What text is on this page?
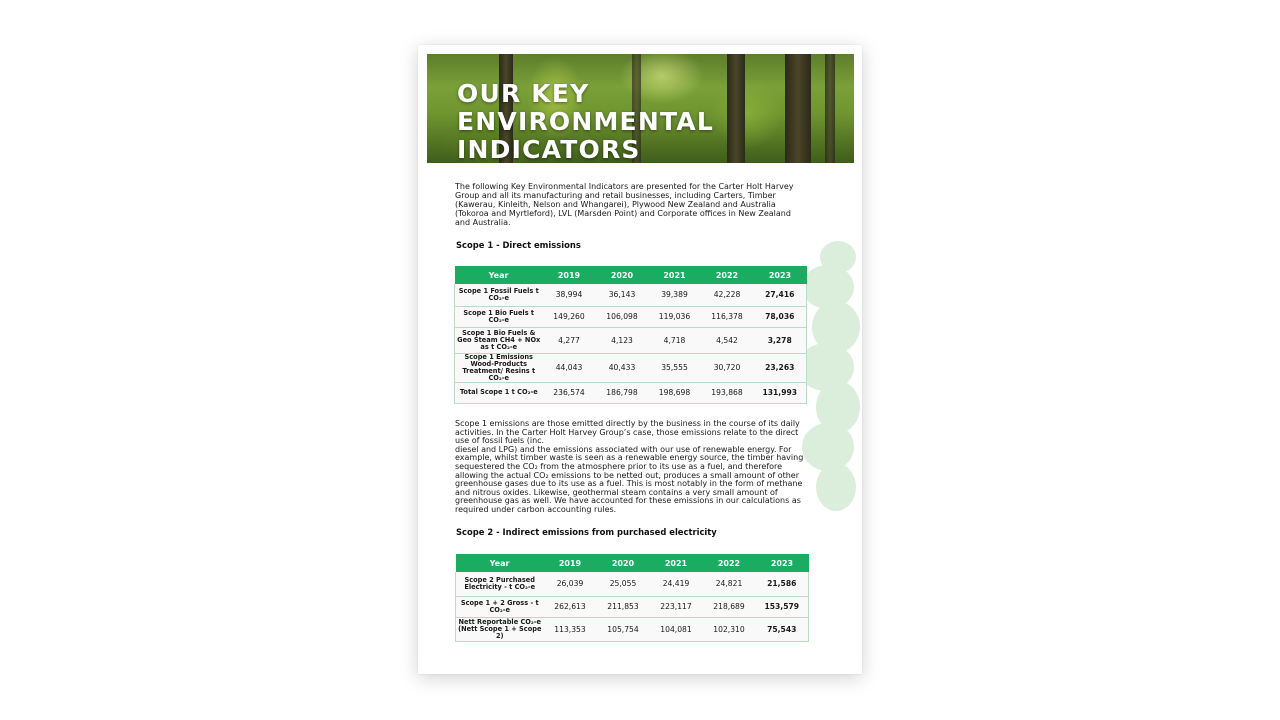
OUR KEY
ENVIRONMENTAL
INDICATORS
The following Key Environmental Indicators are presented for the Carter Holt Harvey Group and all its manufacturing and retail businesses, including Carters, Timber (Kawerau, Kinleith, Nelson and Whangarei), Plywood New Zealand and Australia (Tokoroa and Myrtleford), LVL (Marsden Point) and Corporate offices in New Zealand and Australia.
Scope 1 - Direct emissions
Year	2019	2020	2021	2022	2023
Scope 1 Fossil Fuels t CO₂-e	38,994	36,143	39,389	42,228	27,416
Scope 1 Bio Fuels t CO₂-e	149,260	106,098	119,036	116,378	78,036
Scope 1 Bio Fuels & Geo Steam CH4 + NOx as t CO₂-e	4,277	4,123	4,718	4,542	3,278
Scope 1 Emissions Wood-Products Treatment/ Resins t CO₂-e	44,043	40,433	35,555	30,720	23,263
Total Scope 1 t CO₂-e	236,574	186,798	198,698	193,868	131,993
Scope 1 emissions are those emitted directly by the business in the course of its daily activities. In the Carter Holt Harvey Group’s case, those emissions relate to the direct use of fossil fuels (inc.
diesel and LPG) and the emissions associated with our use of renewable energy. For example, whilst timber waste is seen as a renewable energy source, the timber having sequestered the CO₂ from the atmosphere prior to its use as a fuel, and therefore allowing the actual CO₂ emissions to be netted out, produces a small amount of other greenhouse gases due to its use as a fuel. This is most notably in the form of methane and nitrous oxides. Likewise, geothermal steam contains a very small amount of greenhouse gas as well. We have accounted for these emissions in our calculations as required under carbon accounting rules.
Scope 2 - Indirect emissions from purchased electricity
Year	2019	2020	2021	2022	2023
Scope 2 Purchased Electricity - t CO₂-e	26,039	25,055	24,419	24,821	21,586
Scope 1 + 2 Gross - t CO₂-e	262,613	211,853	223,117	218,689	153,579
Nett Reportable CO₂-e (Nett Scope 1 + Scope 2)	113,353	105,754	104,081	102,310	75,543
